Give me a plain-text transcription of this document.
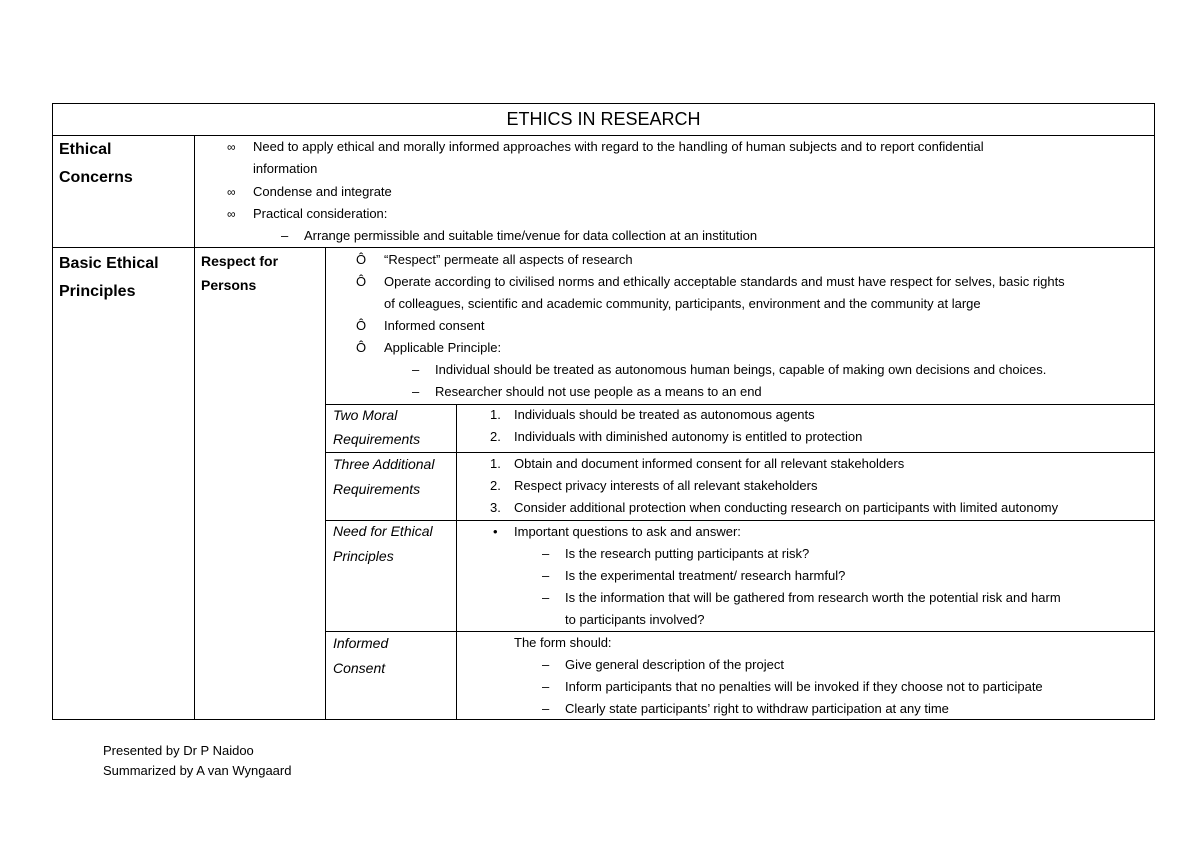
ETHICS IN RESEARCH
Ethical
Concerns
∞ Need to apply ethical and morally informed approaches with regard to the handling of human subjects and to report confidential
information
∞ Condense and integrate
∞ Practical consideration:
– Arrange permissible and suitable time/venue for data collection at an institution
Basic Ethical
Principles
Respect for
Persons
Ô “Respect” permeate all aspects of research
Ô Operate according to civilised norms and ethically acceptable standards and must have respect for selves, basic rights
of colleagues, scientific and academic community, participants, environment and the community at large
Ô Informed consent
Ô Applicable Principle:
– Individual should be treated as autonomous human beings, capable of making own decisions and choices.
– Researcher should not use people as a means to an end
Two Moral
Requirements
1. Individuals should be treated as autonomous agents
2. Individuals with diminished autonomy is entitled to protection
Three Additional
Requirements
1. Obtain and document informed consent for all relevant stakeholders
2. Respect privacy interests of all relevant stakeholders
3. Consider additional protection when conducting research on participants with limited autonomy
Need for Ethical
Principles
• Important questions to ask and answer:
– Is the research putting participants at risk?
– Is the experimental treatment/ research harmful?
– Is the information that will be gathered from research worth the potential risk and harm
to participants involved?
Informed
Consent
The form should:
– Give general description of the project
– Inform participants that no penalties will be invoked if they choose not to participate
– Clearly state participants’ right to withdraw participation at any time
Presented by Dr P Naidoo
Summarized by A van Wyngaard
